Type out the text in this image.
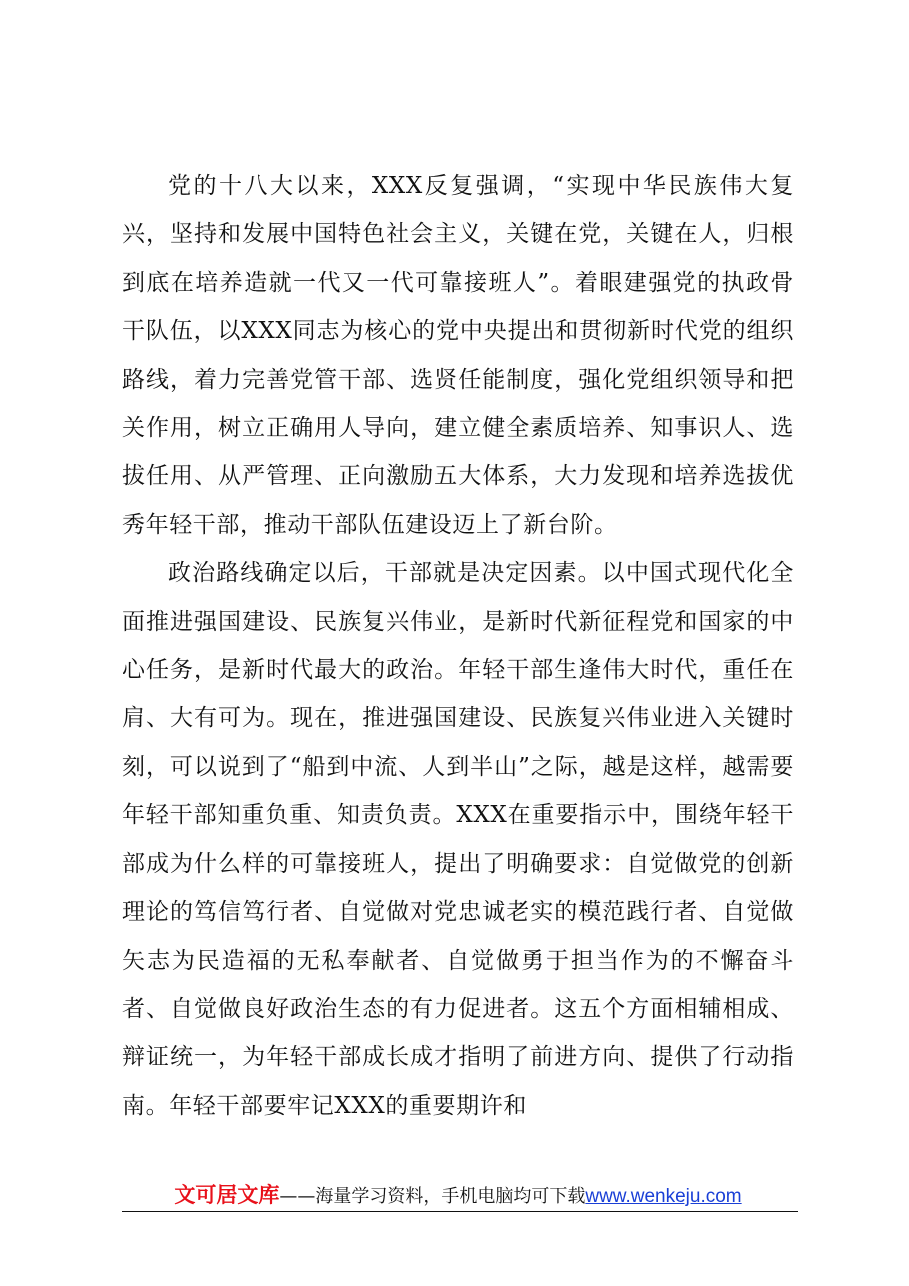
党的十八大以来，XXX反复强调，“实现中华民族伟大复兴，坚持和发展中国特色社会主义，关键在党，关键在人，归根到底在培养造就一代又一代可靠接班人”。着眼建强党的执政骨干队伍，以XXX同志为核心的党中央提出和贯彻新时代党的组织路线，着力完善党管干部、选贤任能制度，强化党组织领导和把关作用，树立正确用人导向，建立健全素质培养、知事识人、选拔任用、从严管理、正向激励五大体系，大力发现和培养选拔优秀年轻干部，推动干部队伍建设迈上了新台阶。

政治路线确定以后，干部就是决定因素。以中国式现代化全面推进强国建设、民族复兴伟业，是新时代新征程党和国家的中心任务，是新时代最大的政治。年轻干部生逢伟大时代，重任在肩、大有可为。现在，推进强国建设、民族复兴伟业进入关键时刻，可以说到了“船到中流、人到半山”之际，越是这样，越需要年轻干部知重负重、知责负责。XXX在重要指示中，围绕年轻干部成为什么样的可靠接班人，提出了明确要求：自觉做党的创新理论的笃信笃行者、自觉做对党忠诚老实的模范践行者、自觉做矢志为民造福的无私奉献者、自觉做勇于担当作为的不懈奋斗者、自觉做良好政治生态的有力促进者。这五个方面相辅相成、辩证统一，为年轻干部成长成才指明了前进方向、提供了行动指南。年轻干部要牢记XXX的重要期许和

文可居文库——海量学习资料，手机电脑均可下载www.wenkeju.com
